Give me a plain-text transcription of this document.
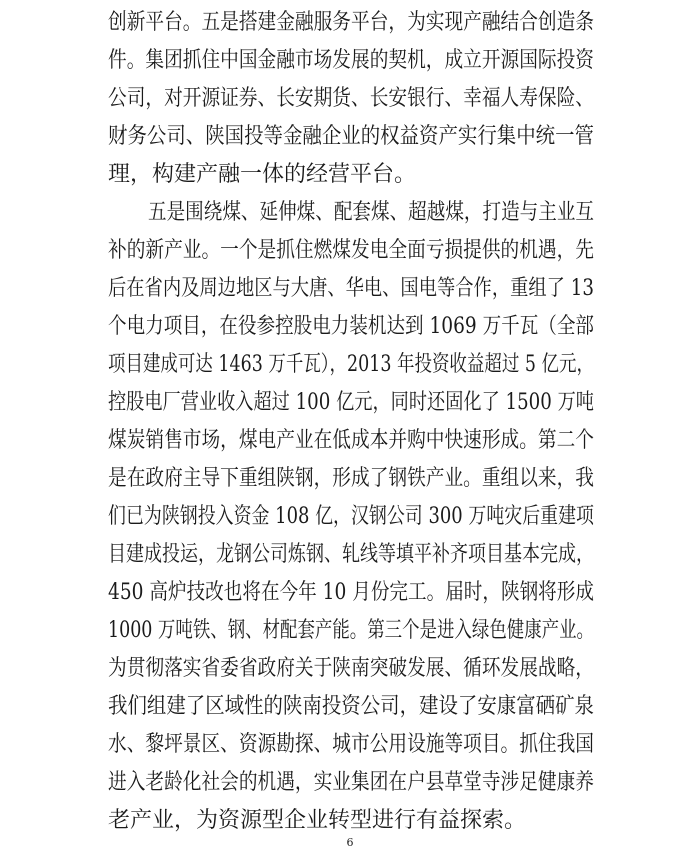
创新平台。五是搭建金融服务平台，为实现产融结合创造条
件。集团抓住中国金融市场发展的契机，成立开源国际投资
公司，对开源证券、长安期货、长安银行、幸福人寿保险、
财务公司、陕国投等金融企业的权益资产实行集中统一管
理，构建产融一体的经营平台。
五是围绕煤、延伸煤、配套煤、超越煤，打造与主业互
补的新产业。一个是抓住燃煤发电全面亏损提供的机遇，先
后在省内及周边地区与大唐、华电、国电等合作，重组了 13
个电力项目，在役参控股电力装机达到 1069 万千瓦（全部
项目建成可达 1463 万千瓦），2013 年投资收益超过 5 亿元，
控股电厂营业收入超过 100 亿元，同时还固化了 1500 万吨
煤炭销售市场，煤电产业在低成本并购中快速形成。第二个
是在政府主导下重组陕钢，形成了钢铁产业。重组以来，我
们已为陕钢投入资金 108 亿，汉钢公司 300 万吨灾后重建项
目建成投运，龙钢公司炼钢、轧线等填平补齐项目基本完成，
450 高炉技改也将在今年 10 月份完工。届时，陕钢将形成
1000 万吨铁、钢、材配套产能。第三个是进入绿色健康产业。
为贯彻落实省委省政府关于陕南突破发展、循环发展战略，
我们组建了区域性的陕南投资公司，建设了安康富硒矿泉
水、黎坪景区、资源勘探、城市公用设施等项目。抓住我国
进入老龄化社会的机遇，实业集团在户县草堂寺涉足健康养
老产业，为资源型企业转型进行有益探索。
6
